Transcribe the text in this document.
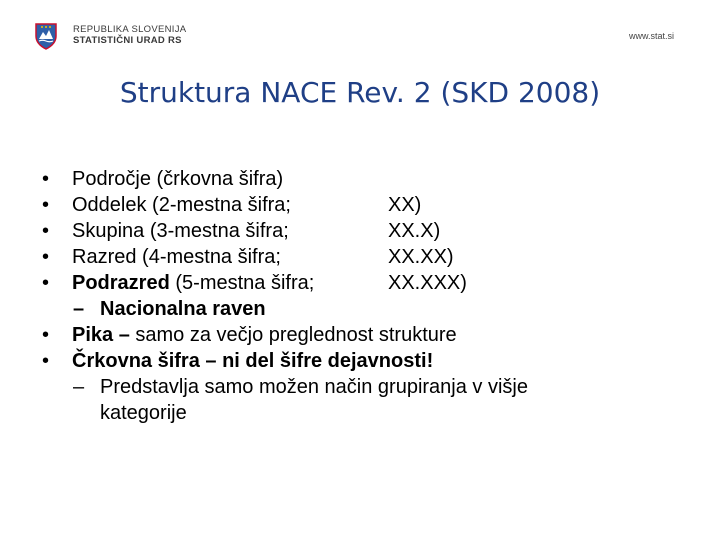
REPUBLIKA SLOVENIJA
STATISTIČNI URAD RS	www.stat.si
Struktura NACE Rev. 2 (SKD 2008)
• Področje (črkovna šifra)
• Oddelek (2-mestna šifra;	XX)
• Skupina (3-mestna šifra;	XX.X)
• Razred (4-mestna šifra;	XX.XX)
• Podrazred (5-mestna šifra;	XX.XXX)
– Nacionalna raven
• Pika – samo za večjo preglednost strukture
• Črkovna šifra – ni del šifre dejavnosti!
– Predstavlja samo možen način grupiranja v višje
kategorije
